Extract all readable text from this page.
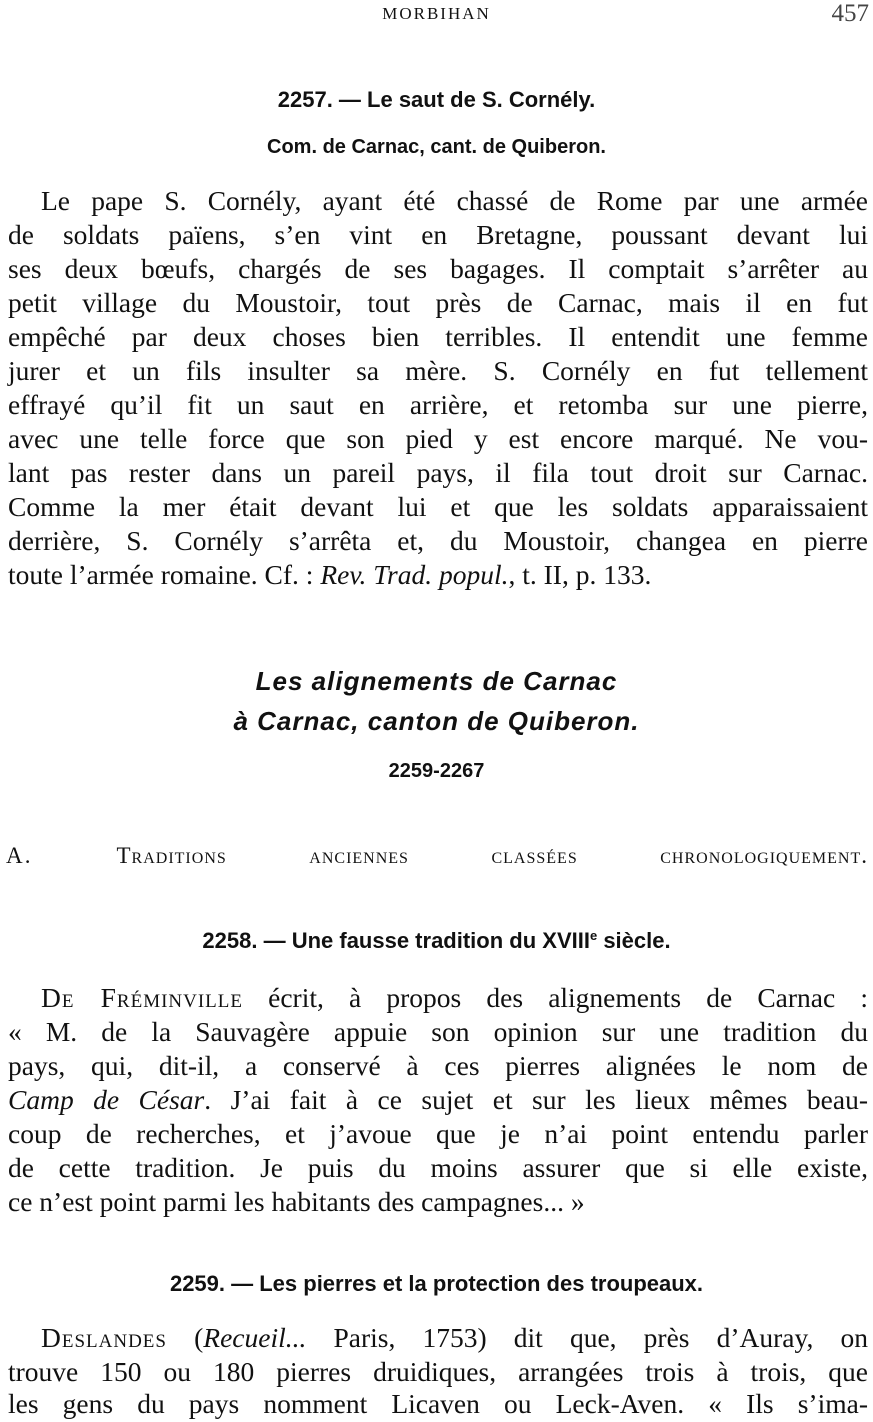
MORBIHAN	457
2257. — Le saut de S. Cornély.
Com. de Carnac, cant. de Quiberon.
Le pape S. Cornély, ayant été chassé de Rome par une armée
de soldats païens, s’en vint en Bretagne, poussant devant lui
ses deux bœufs, chargés de ses bagages. Il comptait s’arrêter au
petit village du Moustoir, tout près de Carnac, mais il en fut
empêché par deux choses bien terribles. Il entendit une femme
jurer et un fils insulter sa mère. S. Cornély en fut tellement
effrayé qu’il fit un saut en arrière, et retomba sur une pierre,
avec une telle force que son pied y est encore marqué. Ne vou-
lant pas rester dans un pareil pays, il fila tout droit sur Carnac.
Comme la mer était devant lui et que les soldats apparaissaient
derrière, S. Cornély s’arrêta et, du Moustoir, changea en pierre
toute l’armée romaine. Cf. : Rev. Trad. popul., t. II, p. 133.
Les alignements de Carnac
à Carnac, canton de Quiberon.
2259-2267
A.	Traditions anciennes classées chronologiquement.
2258. — Une fausse tradition du XVIIIe siècle.
De Fréminville écrit, à propos des alignements de Carnac :
« M. de la Sauvagère appuie son opinion sur une tradition du
pays, qui, dit-il, a conservé à ces pierres alignées le nom de
Camp de César. J’ai fait à ce sujet et sur les lieux mêmes beau-
coup de recherches, et j’avoue que je n’ai point entendu parler
de cette tradition. Je puis du moins assurer que si elle existe,
ce n’est point parmi les habitants des campagnes... »
2259. — Les pierres et la protection des troupeaux.
Deslandes (Recueil... Paris, 1753) dit que, près d’Auray, on
trouve 150 ou 180 pierres druidiques, arrangées trois à trois, que
les gens du pays nomment Licaven ou Leck-Aven. « Ils s’ima-
